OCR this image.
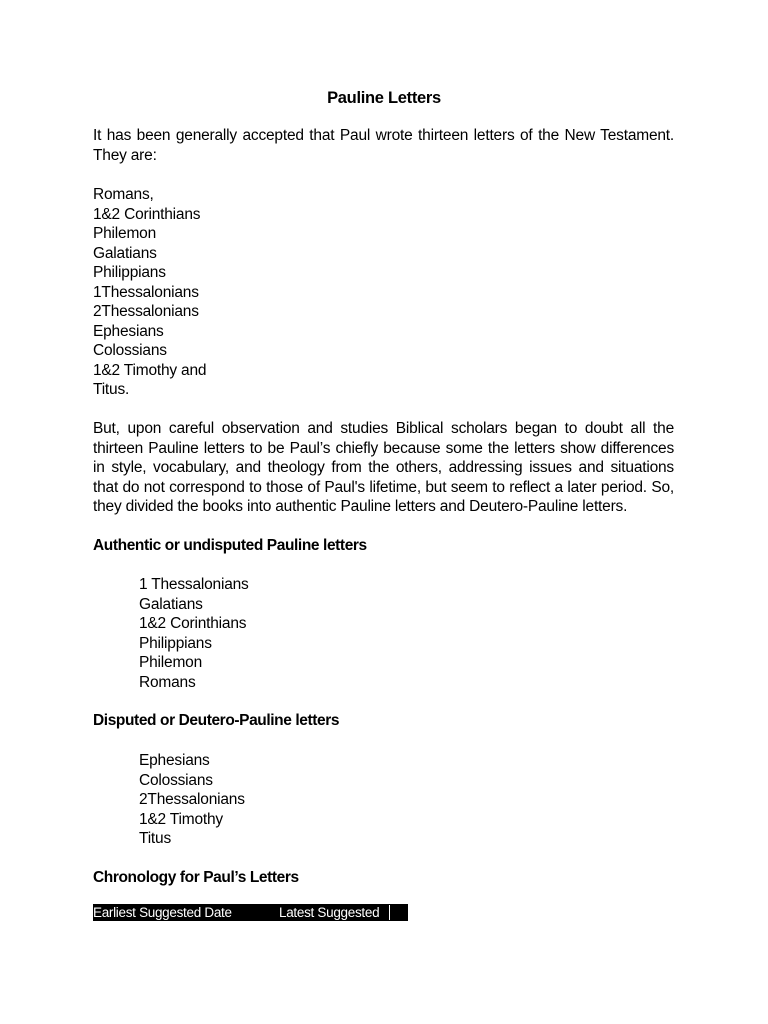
Pauline Letters
It has been generally accepted that Paul wrote thirteen letters of the New Testament. They are:
Romans,
1&2 Corinthians
Philemon
Galatians
Philippians
1Thessalonians
2Thessalonians
Ephesians
Colossians
1&2 Timothy and
Titus.
But, upon careful observation and studies Biblical scholars began to doubt all the thirteen Pauline letters to be Paul’s chiefly because some the letters show differences in style, vocabulary, and theology from the others, addressing issues and situations that do not correspond to those of Paul's lifetime, but seem to reflect a later period. So, they divided the books into authentic Pauline letters and Deutero-Pauline letters.
Authentic or undisputed Pauline letters
1 Thessalonians
Galatians
1&2 Corinthians
Philippians
Philemon
Romans
Disputed or Deutero-Pauline letters
Ephesians
Colossians
2Thessalonians
1&2 Timothy
Titus
Chronology for Paul’s Letters
Earliest Suggested Date	Latest Suggested Date
